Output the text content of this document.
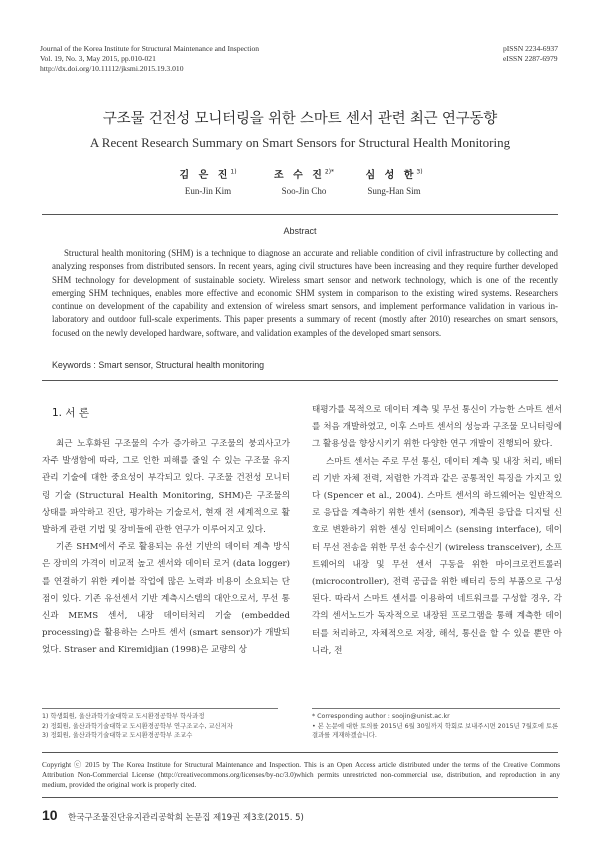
Journal of the Korea Institute for Structural Maintenance and Inspection
Vol. 19, No. 3, May 2015, pp.010-021
http://dx.doi.org/10.11112/jksmi.2015.19.3.010
pISSN 2234-6937
eISSN 2287-6979
구조물 건전성 모니터링을 위한 스마트 센서 관련 최근 연구동향
A Recent Research Summary on Smart Sensors for Structural Health Monitoring
김 은 진$^{1)}$
Eun-Jin Kim
조 수 진$^{2)*}$
Soo-Jin Cho
심 성 한$^{3)}$
Sung-Han Sim
Abstract
Structural health monitoring (SHM) is a technique to diagnose an accurate and reliable condition of civil infrastructure by collecting and analyzing responses from distributed sensors. In recent years, aging civil structures have been increasing and they require further developed SHM technology for development of sustainable society. Wireless smart sensor and network technology, which is one of the recently emerging SHM techniques, enables more effective and economic SHM system in comparison to the existing wired systems. Researchers continue on development of the capability and extension of wireless smart sensors, and implement performance validation in various in-laboratory and outdoor full-scale experiments. This paper presents a summary of recent (mostly after 2010) researches on smart sensors, focused on the newly developed hardware, software, and validation examples of the developed smart sensors.
Keywords : Smart sensor, Structural health monitoring
1. 서 론

최근 노후화된 구조물의 수가 증가하고 구조물의 붕괴사고가 자주 발생함에 따라, 그로 인한 피해를 줄일 수 있는 구조물 유지 관리 기술에 대한 중요성이 부각되고 있다. 구조물 건전성 모니터링 기술 (Structural Health Monitoring, SHM)은 구조물의 상태를 파악하고 진단, 평가하는 기술로서, 현재 전 세계적으로 활발하게 관련 기법 및 장비들에 관한 연구가 이루어지고 있다.

기존 SHM에서 주로 활용되는 유선 기반의 데이터 계측 방식은 장비의 가격이 비교적 높고 센서와 데이터 로거 (data logger)를 연결하기 위한 케이블 작업에 많은 노력과 비용이 소요되는 단점이 있다. 기존 유선센서 기반 계측시스템의 대안으로서, 무선 통신과 MEMS 센서, 내장 데이터처리 기술 (embedded processing)을 활용하는 스마트 센서 (smart sensor)가 개발되었다. Straser and Kiremidjian (1998)은 교량의 상

태평가를 목적으로 데이터 계측 및 무선 통신이 가능한 스마트 센서를 처음 개발하였고, 이후 스마트 센서의 성능과 구조물 모니터링에 그 활용성을 향상시키기 위한 다양한 연구 개발이 진행되어 왔다.

스마트 센서는 주로 무선 통신, 데이터 계측 및 내장 처리, 배터리 기반 자체 전력, 저렴한 가격과 같은 공통적인 특징을 가지고 있다 (Spencer et al., 2004). 스마트 센서의 하드웨어는 일반적으로 응답을 계측하기 위한 센서 (sensor), 계측된 응답을 디지털 신호로 변환하기 위한 센싱 인터페이스 (sensing interface), 데이터 무선 전송을 위한 무선 송수신기 (wireless transceiver), 소프트웨어의 내장 및 무선 센서 구동을 위한 마이크로컨트롤러 (microcontroller), 전력 공급을 위한 배터리 등의 부품으로 구성된다. 따라서 스마트 센서를 이용하여 네트워크를 구성할 경우, 각각의 센서노드가 독자적으로 내장된 프로그램을 통해 계측한 데이터를 처리하고, 자체적으로 저장, 해석, 통신을 할 수 있을 뿐만 아니라, 전

1) 학생회원, 울산과학기술대학교 도시환경공학부 학사과정
2) 정회원, 울산과학기술대학교 도시환경공학부 연구조교수, 교신저자
3) 정회원, 울산과학기술대학교 도시환경공학부 조교수
* Corresponding author : soojin@unist.ac.kr
• 본 논문에 대한 토의를 2015년 6월 30일까지 학회로 보내주시면 2015년 7월호에 토론결과를 게재하겠습니다.
Copyright ⓒ 2015 by The Korea Institute for Structural Maintenance and Inspection. This is an Open Access article distributed under the terms of the Creative Commons Attribution Non-Commercial License (http://creativecommons.org/licenses/by-nc/3.0)which permits unrestricted non-commercial use, distribution, and reproduction in any medium, provided the original work is properly cited.
10 한국구조물진단유지관리공학회 논문집 제19권 제3호(2015. 5)
